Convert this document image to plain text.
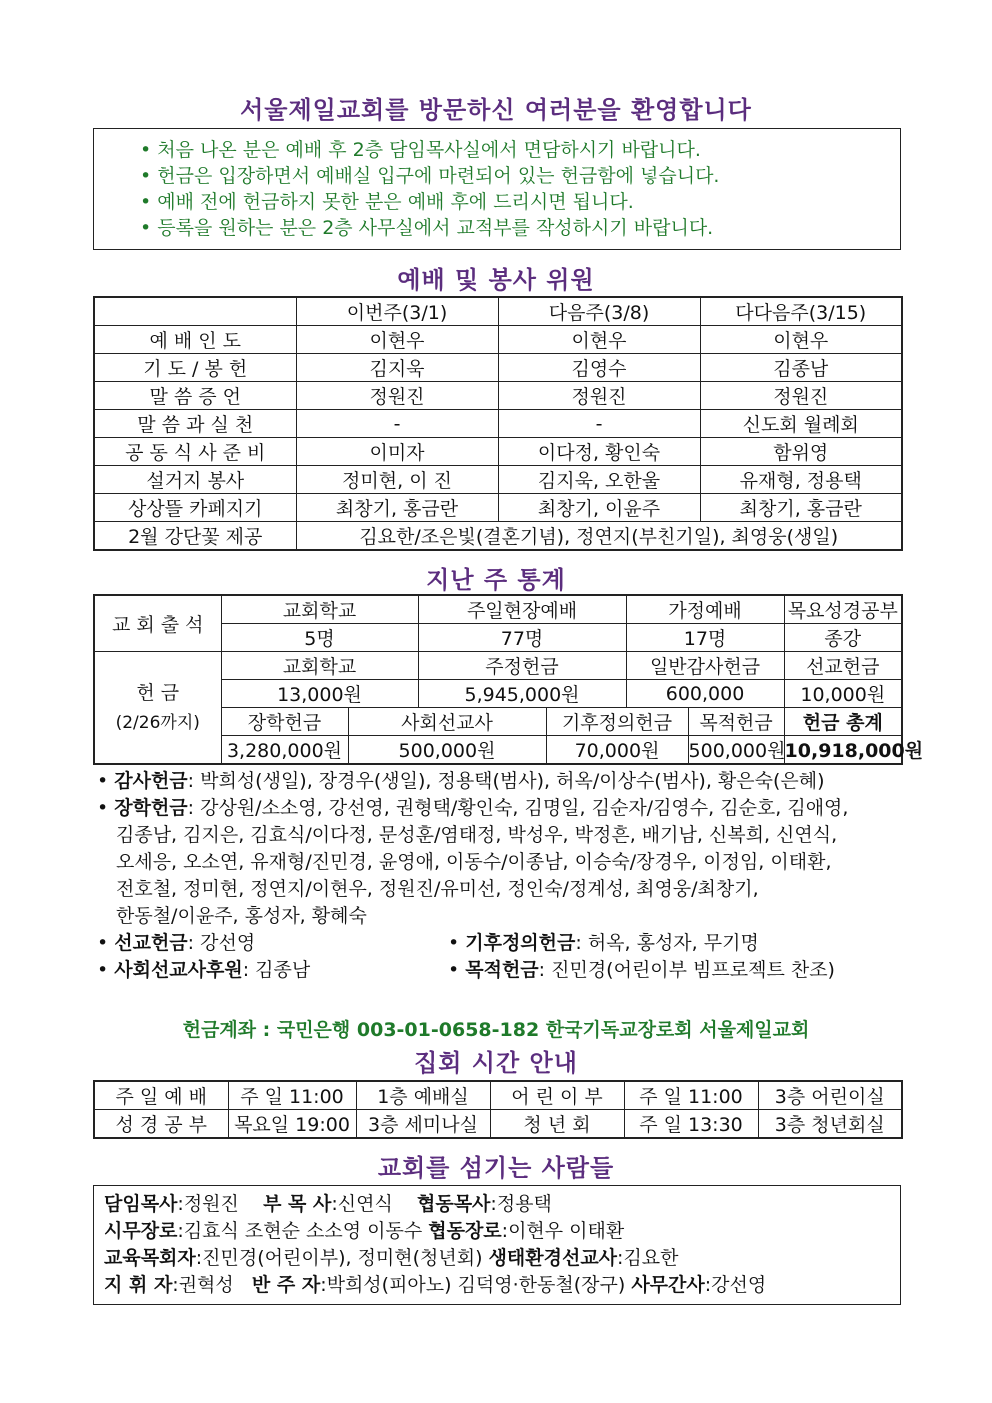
서울제일교회를 방문하신 여러분을 환영합니다
• 처음 나온 분은 예배 후 2층 담임목사실에서 면담하시기 바랍니다.
• 헌금은 입장하면서 예배실 입구에 마련되어 있는 헌금함에 넣습니다.
• 예배 전에 헌금하지 못한 분은 예배 후에 드리시면 됩니다.
• 등록을 원하는 분은 2층 사무실에서 교적부를 작성하시기 바랍니다.
예배 및 봉사 위원
	이번주(3/1)	다음주(3/8)	다다음주(3/15)
예 배 인 도	이현우	이현우	이현우
기 도 / 봉 헌	김지욱	김영수	김종남
말 씀 증 언	정원진	정원진	정원진
말 씀 과 실 천	-	-	신도회 월례회
공 동 식 사 준 비	이미자	이다정, 황인숙	함위영
설거지 봉사	정미현, 이 진	김지욱, 오한울	유재형, 정용택
상상뜰 카페지기	최창기, 홍금란	최창기, 이윤주	최창기, 홍금란
2월 강단꽃 제공	김요한/조은빛(결혼기념), 정연지(부친기일), 최영웅(생일)		
지난 주 통계
교 회 출 석	교회학교		주일현장예배		가정예배		목요성경공부
	5명		77명		17명		종강

헌 금
(2/26까지)	교회학교		주정헌금		일반감사헌금		선교헌금
	13,000원		5,945,000원		600,000		10,000원
	장학헌금	사회선교사		기후정의헌금		목적헌금	헌금 총계
	3,280,000원	500,000원		70,000원		500,000원	10,918,000원
• 감사헌금: 박희성(생일), 장경우(생일), 정용택(범사), 허옥/이상수(범사), 황은숙(은혜)
• 장학헌금: 강상원/소소영, 강선영, 권형택/황인숙, 김명일, 김순자/김영수, 김순호, 김애영,
김종남, 김지은, 김효식/이다정, 문성훈/염태정, 박성우, 박정흔, 배기남, 신복희, 신연식,
오세응, 오소연, 유재형/진민경, 윤영애, 이동수/이종남, 이승숙/장경우, 이정임, 이태환,
전호철, 정미현, 정연지/이현우, 정원진/유미선, 정인숙/정계성, 최영웅/최창기,
한동철/이윤주, 홍성자, 황혜숙
• 선교헌금: 강선영	• 기후정의헌금: 허옥, 홍성자, 무기명
• 사회선교사후원: 김종남	• 목적헌금: 진민경(어린이부 빔프로젝트 찬조)
헌금계좌 : 국민은행 003-01-0658-182 한국기독교장로회 서울제일교회
집회 시간 안내
주 일 예 배	주 일 11:00	1층 예배실	어 린 이 부	주 일 11:00	3층 어린이실
성 경 공 부	목요일 19:00	3층 세미나실	청 년 회	주 일 13:30	3층 청년회실
교회를 섬기는 사람들
담임목사:정원진 부 목 사:신연식 협동목사:정용택
시무장로:김효식 조현순 소소영 이동수 협동장로:이현우 이태환
교육목회자:진민경(어린이부), 정미현(청년회) 생태환경선교사:김요한
지 휘 자:권혁성 반 주 자:박희성(피아노) 김덕영·한동철(장구) 사무간사:강선영
